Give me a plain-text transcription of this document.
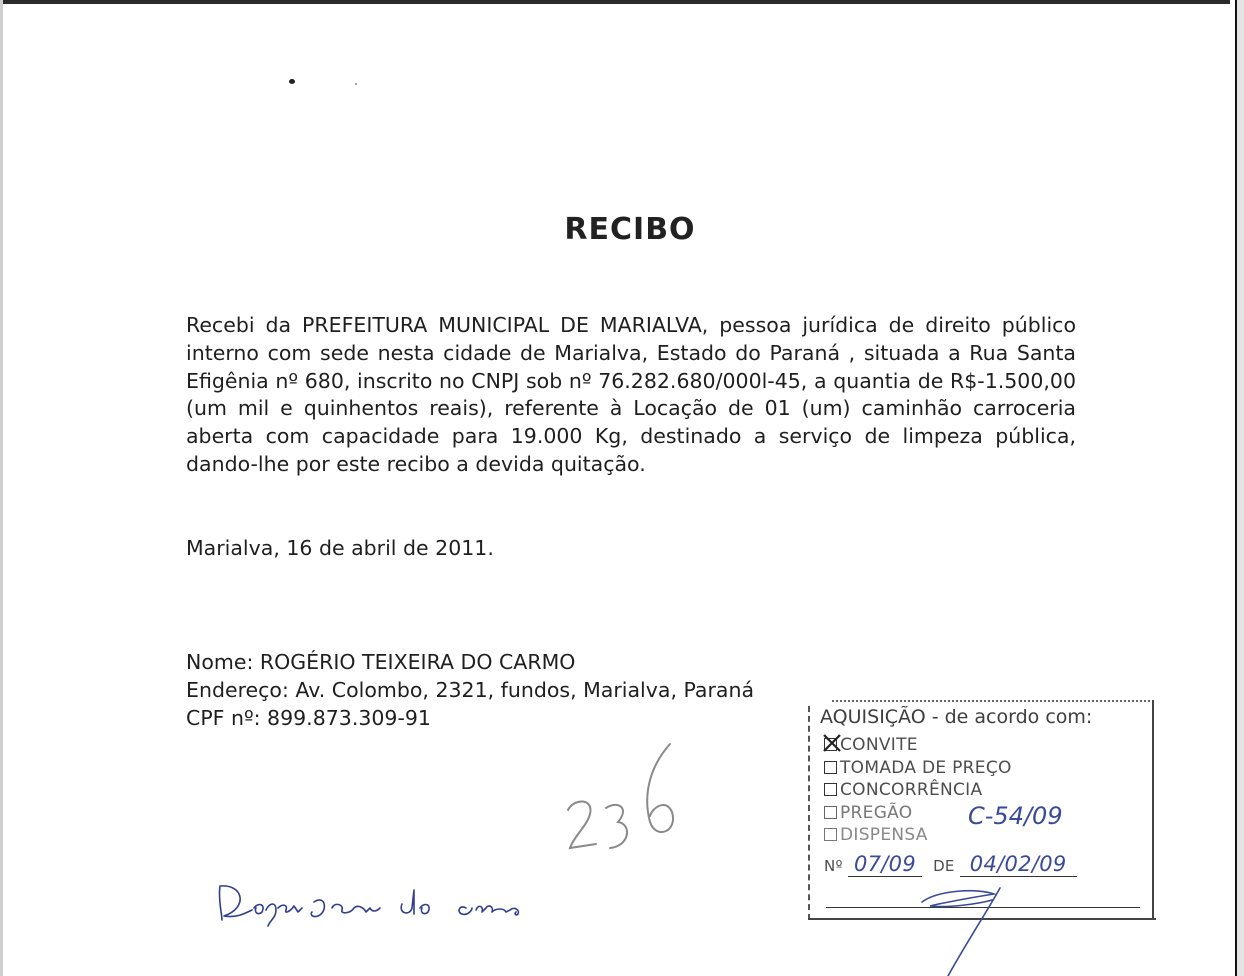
RECIBO
Recebi da PREFEITURA MUNICIPAL DE MARIALVA, pessoa jurídica de direito público interno com sede nesta cidade de Marialva, Estado do Paraná , situada a Rua Santa Efigênia nº 680, inscrito no CNPJ sob nº 76.282.680/000l-45, a quantia de R$-1.500,00 (um mil e quinhentos reais), referente à Locação de 01 (um) caminhão carroceria aberta com capacidade para 19.000 Kg, destinado a serviço de limpeza pública, dando-lhe por este recibo a devida quitação.
Marialva, 16 de abril de 2011.
Nome: ROGÉRIO TEIXEIRA DO CARMO
Endereço: Av. Colombo, 2321, fundos, Marialva, Paraná
CPF nº: 899.873.309-91	AQUISIÇÃO - de acordo com:
CONVITE
TOMADA DE PREÇO
CONCORRÊNCIA
PREGÃO
DISPENSA
C-54/09
Nº 07/09 DE 04/02/09
